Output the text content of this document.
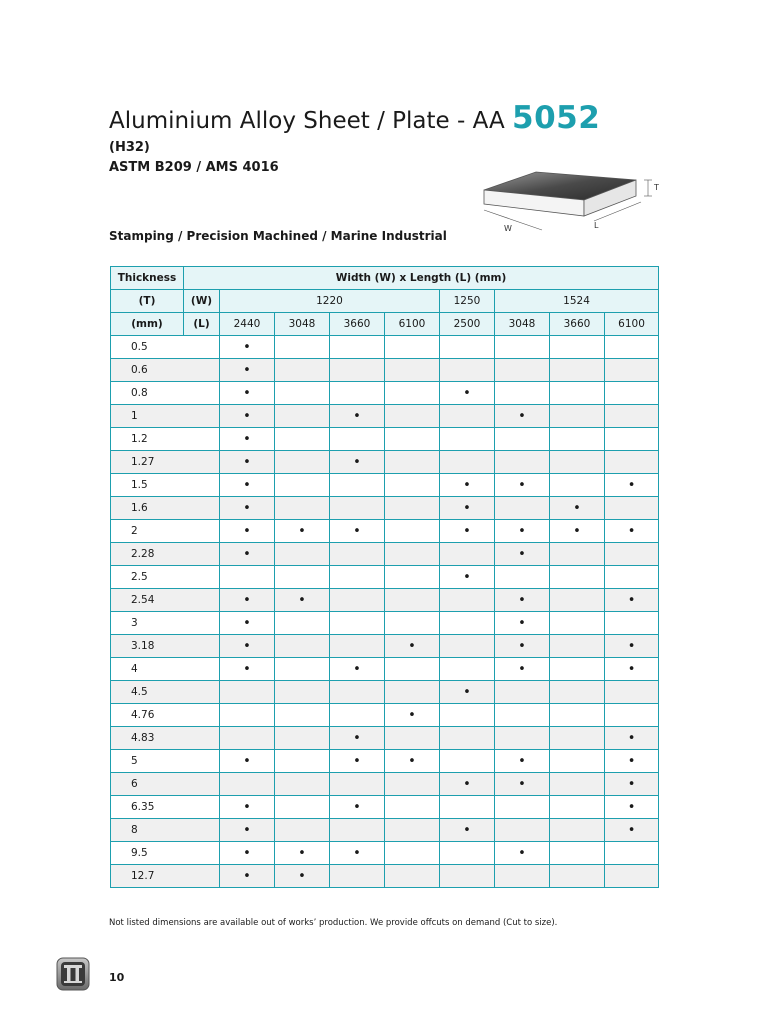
Aluminium Alloy Sheet / Plate - AA 5052
(H32)
ASTM B209 / AMS 4016
T
W	L
Stamping / Precision Machined / Marine Industrial
Thickness	Width (W) x Length (L) (mm)								
(T)	(W)	1220				1250	1524		
(mm)	(L)	2440	3048	3660	6100	2500	3048	3660	6100
0.5		•							
0.6		•							
0.8		•				•			
1		•		•			•		
1.2		•							
1.27		•		•					
1.5		•				•	•		•
1.6		•				•		•	
2		•	•	•		•	•	•	•
2.28		•					•		
2.5						•			
2.54		•	•				•		•
3		•					•		
3.18		•			•		•		•
4		•		•			•		•
4.5						•			
4.76					•				
4.83				•					•
5		•		•	•		•		•
6						•	•		•
6.35		•		•					•
8		•				•			•
9.5		•	•	•			•		
12.7		•	•						
Not listed dimensions are available out of works’ production. We provide offcuts on demand (Cut to size).
10
